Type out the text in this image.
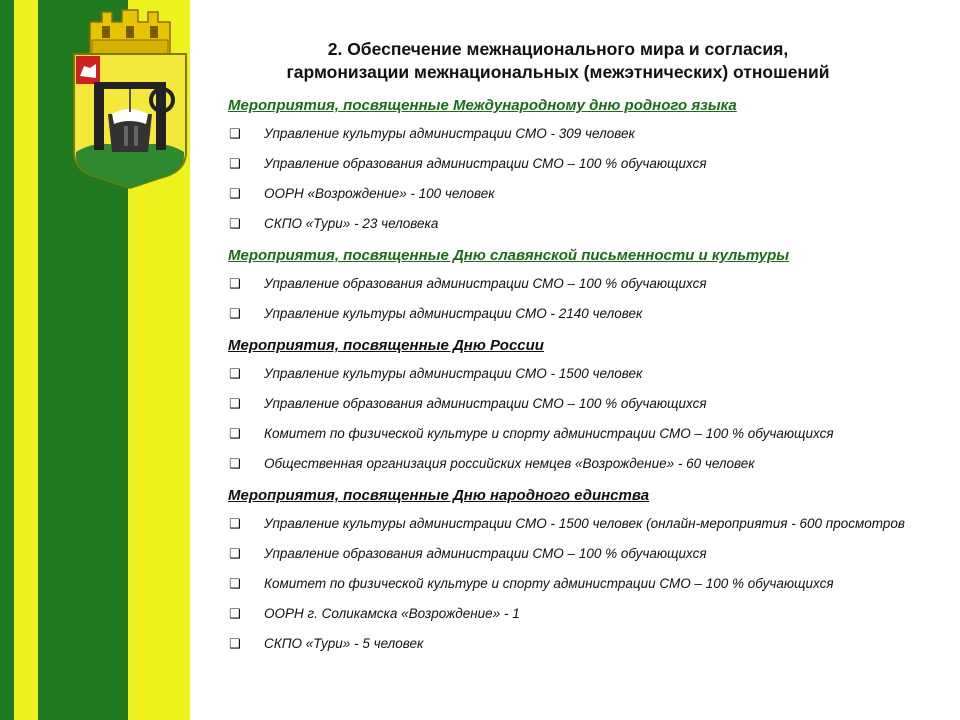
2. Обеспечение межнационального мира и согласия,
гармонизации межнациональных (межэтнических) отношений
Мероприятия, посвященные Международному дню родного языка
❑ Управление культуры администрации СМО - 309 человек
❑ Управление образования администрации СМО – 100 % обучающихся
❑ ООРН «Возрождение» - 100 человек
❑ СКПО «Тури» - 23 человека
Мероприятия, посвященные Дню славянской письменности и культуры
❑ Управление образования администрации СМО – 100 % обучающихся
❑ Управление культуры администрации СМО - 2140 человек
Мероприятия, посвященные Дню России
❑ Управление культуры администрации СМО - 1500 человек
❑ Управление образования администрации СМО – 100 % обучающихся
❑ Комитет по физической культуре и спорту администрации СМО – 100 % обучающихся
❑ Общественная организация российских немцев «Возрождение» - 60 человек
Мероприятия, посвященные Дню народного единства
❑ Управление культуры администрации СМО - 1500 человек (онлайн-мероприятия - 600 просмотров
❑ Управление образования администрации СМО – 100 % обучающихся
❑ Комитет по физической культуре и спорту администрации СМО – 100 % обучающихся
❑ ООРН г. Соликамска «Возрождение» - 1
❑ СКПО «Тури» - 5 человек
